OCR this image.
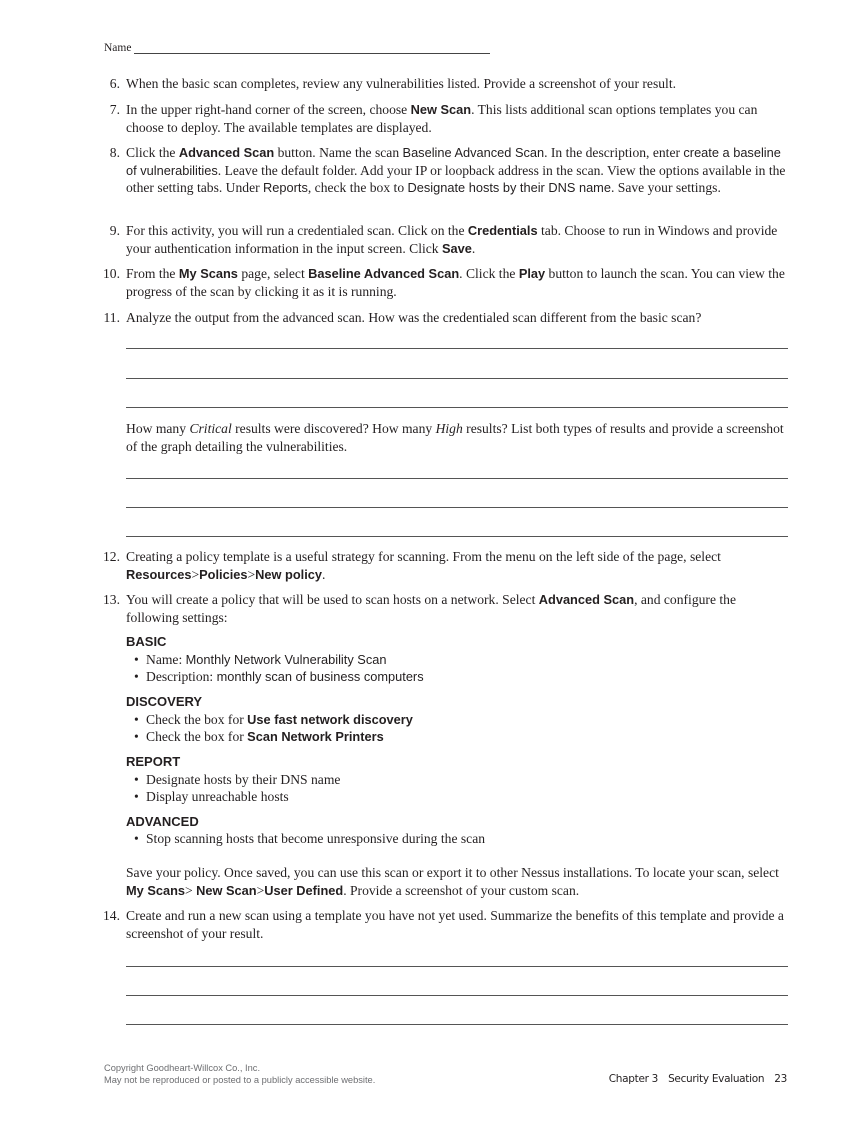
Name
6. When the basic scan completes, review any vulnerabilities listed. Provide a screenshot of your result.
7. In the upper right-hand corner of the screen, choose New Scan. This lists additional scan options templates you can choose to deploy. The available templates are displayed.
8. Click the Advanced Scan button. Name the scan Baseline Advanced Scan. In the description, enter create a baseline of vulnerabilities. Leave the default folder. Add your IP or loopback address in the scan. View the options available in the other setting tabs. Under Reports, check the box to Designate hosts by their DNS name. Save your settings.
9. For this activity, you will run a credentialed scan. Click on the Credentials tab. Choose to run in Windows and provide your authentication information in the input screen. Click Save.
10. From the My Scans page, select Baseline Advanced Scan. Click the Play button to launch the scan. You can view the progress of the scan by clicking it as it is running.
11. Analyze the output from the advanced scan. How was the credentialed scan different from the basic scan?
How many Critical results were discovered? How many High results? List both types of results and provide a screenshot of the graph detailing the vulnerabilities.
12. Creating a policy template is a useful strategy for scanning. From the menu on the left side of the page, select Resources>Policies>New policy.
13. You will create a policy that will be used to scan hosts on a network. Select Advanced Scan, and configure the following settings:
Save your policy. Once saved, you can use this scan or export it to other Nessus installations. To locate your scan, select My Scans> New Scan>User Defined. Provide a screenshot of your custom scan.
14. Create and run a new scan using a template you have not yet used. Summarize the benefits of this template and provide a screenshot of your result.
BASIC
• Name: Monthly Network Vulnerability Scan
• Description: monthly scan of business computers
DISCOVERY
• Check the box for Use fast network discovery
• Check the box for Scan Network Printers
REPORT
• Designate hosts by their DNS name
• Display unreachable hosts
ADVANCED
• Stop scanning hosts that become unresponsive during the scan
Copyright Goodheart-Willcox Co., Inc.
May not be reproduced or posted to a publicly accessible website.	Chapter 3 Security Evaluation 23
